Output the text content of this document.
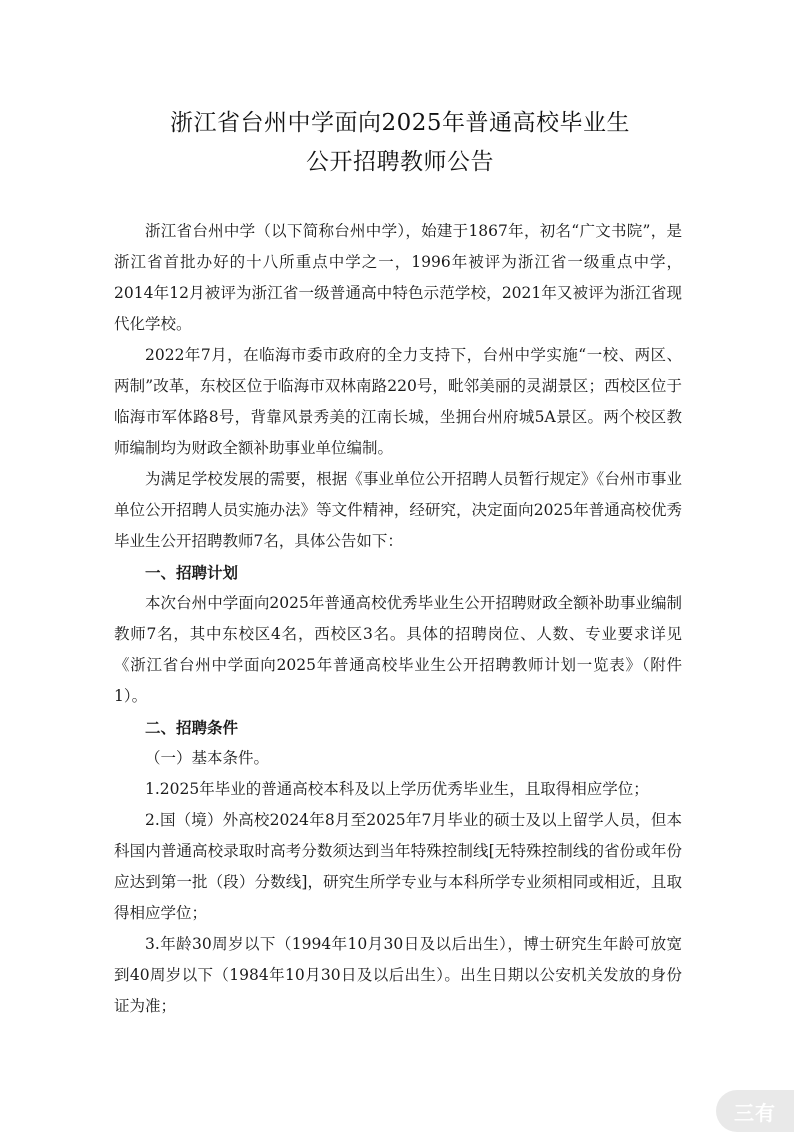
浙江省台州中学面向2025年普通高校毕业生
公开招聘教师公告

浙江省台州中学（以下简称台州中学），始建于1867年，初名“广文书院”，是浙江省首批办好的十八所重点中学之一，1996年被评为浙江省一级重点中学，2014年12月被评为浙江省一级普通高中特色示范学校，2021年又被评为浙江省现代化学校。

2022年7月，在临海市委市政府的全力支持下，台州中学实施“一校、两区、两制”改革，东校区位于临海市双林南路220号，毗邻美丽的灵湖景区；西校区位于临海市军体路8号，背靠风景秀美的江南长城，坐拥台州府城5A景区。两个校区教师编制均为财政全额补助事业单位编制。

为满足学校发展的需要，根据《事业单位公开招聘人员暂行规定》《台州市事业单位公开招聘人员实施办法》等文件精神，经研究，决定面向2025年普通高校优秀毕业生公开招聘教师7名，具体公告如下：

一、招聘计划

本次台州中学面向2025年普通高校优秀毕业生公开招聘财政全额补助事业编制教师7名，其中东校区4名，西校区3名。具体的招聘岗位、人数、专业要求详见《浙江省台州中学面向2025年普通高校毕业生公开招聘教师计划一览表》（附件1）。

二、招聘条件

（一）基本条件。

1.2025年毕业的普通高校本科及以上学历优秀毕业生，且取得相应学位；

2.国（境）外高校2024年8月至2025年7月毕业的硕士及以上留学人员，但本科国内普通高校录取时高考分数须达到当年特殊控制线[无特殊控制线的省份或年份应达到第一批（段）分数线]，研究生所学专业与本科所学专业须相同或相近，且取得相应学位；

3.年龄30周岁以下（1994年10月30日及以后出生），博士研究生年龄可放宽到40周岁以下（1984年10月30日及以后出生）。出生日期以公安机关发放的身份证为准；

三有
